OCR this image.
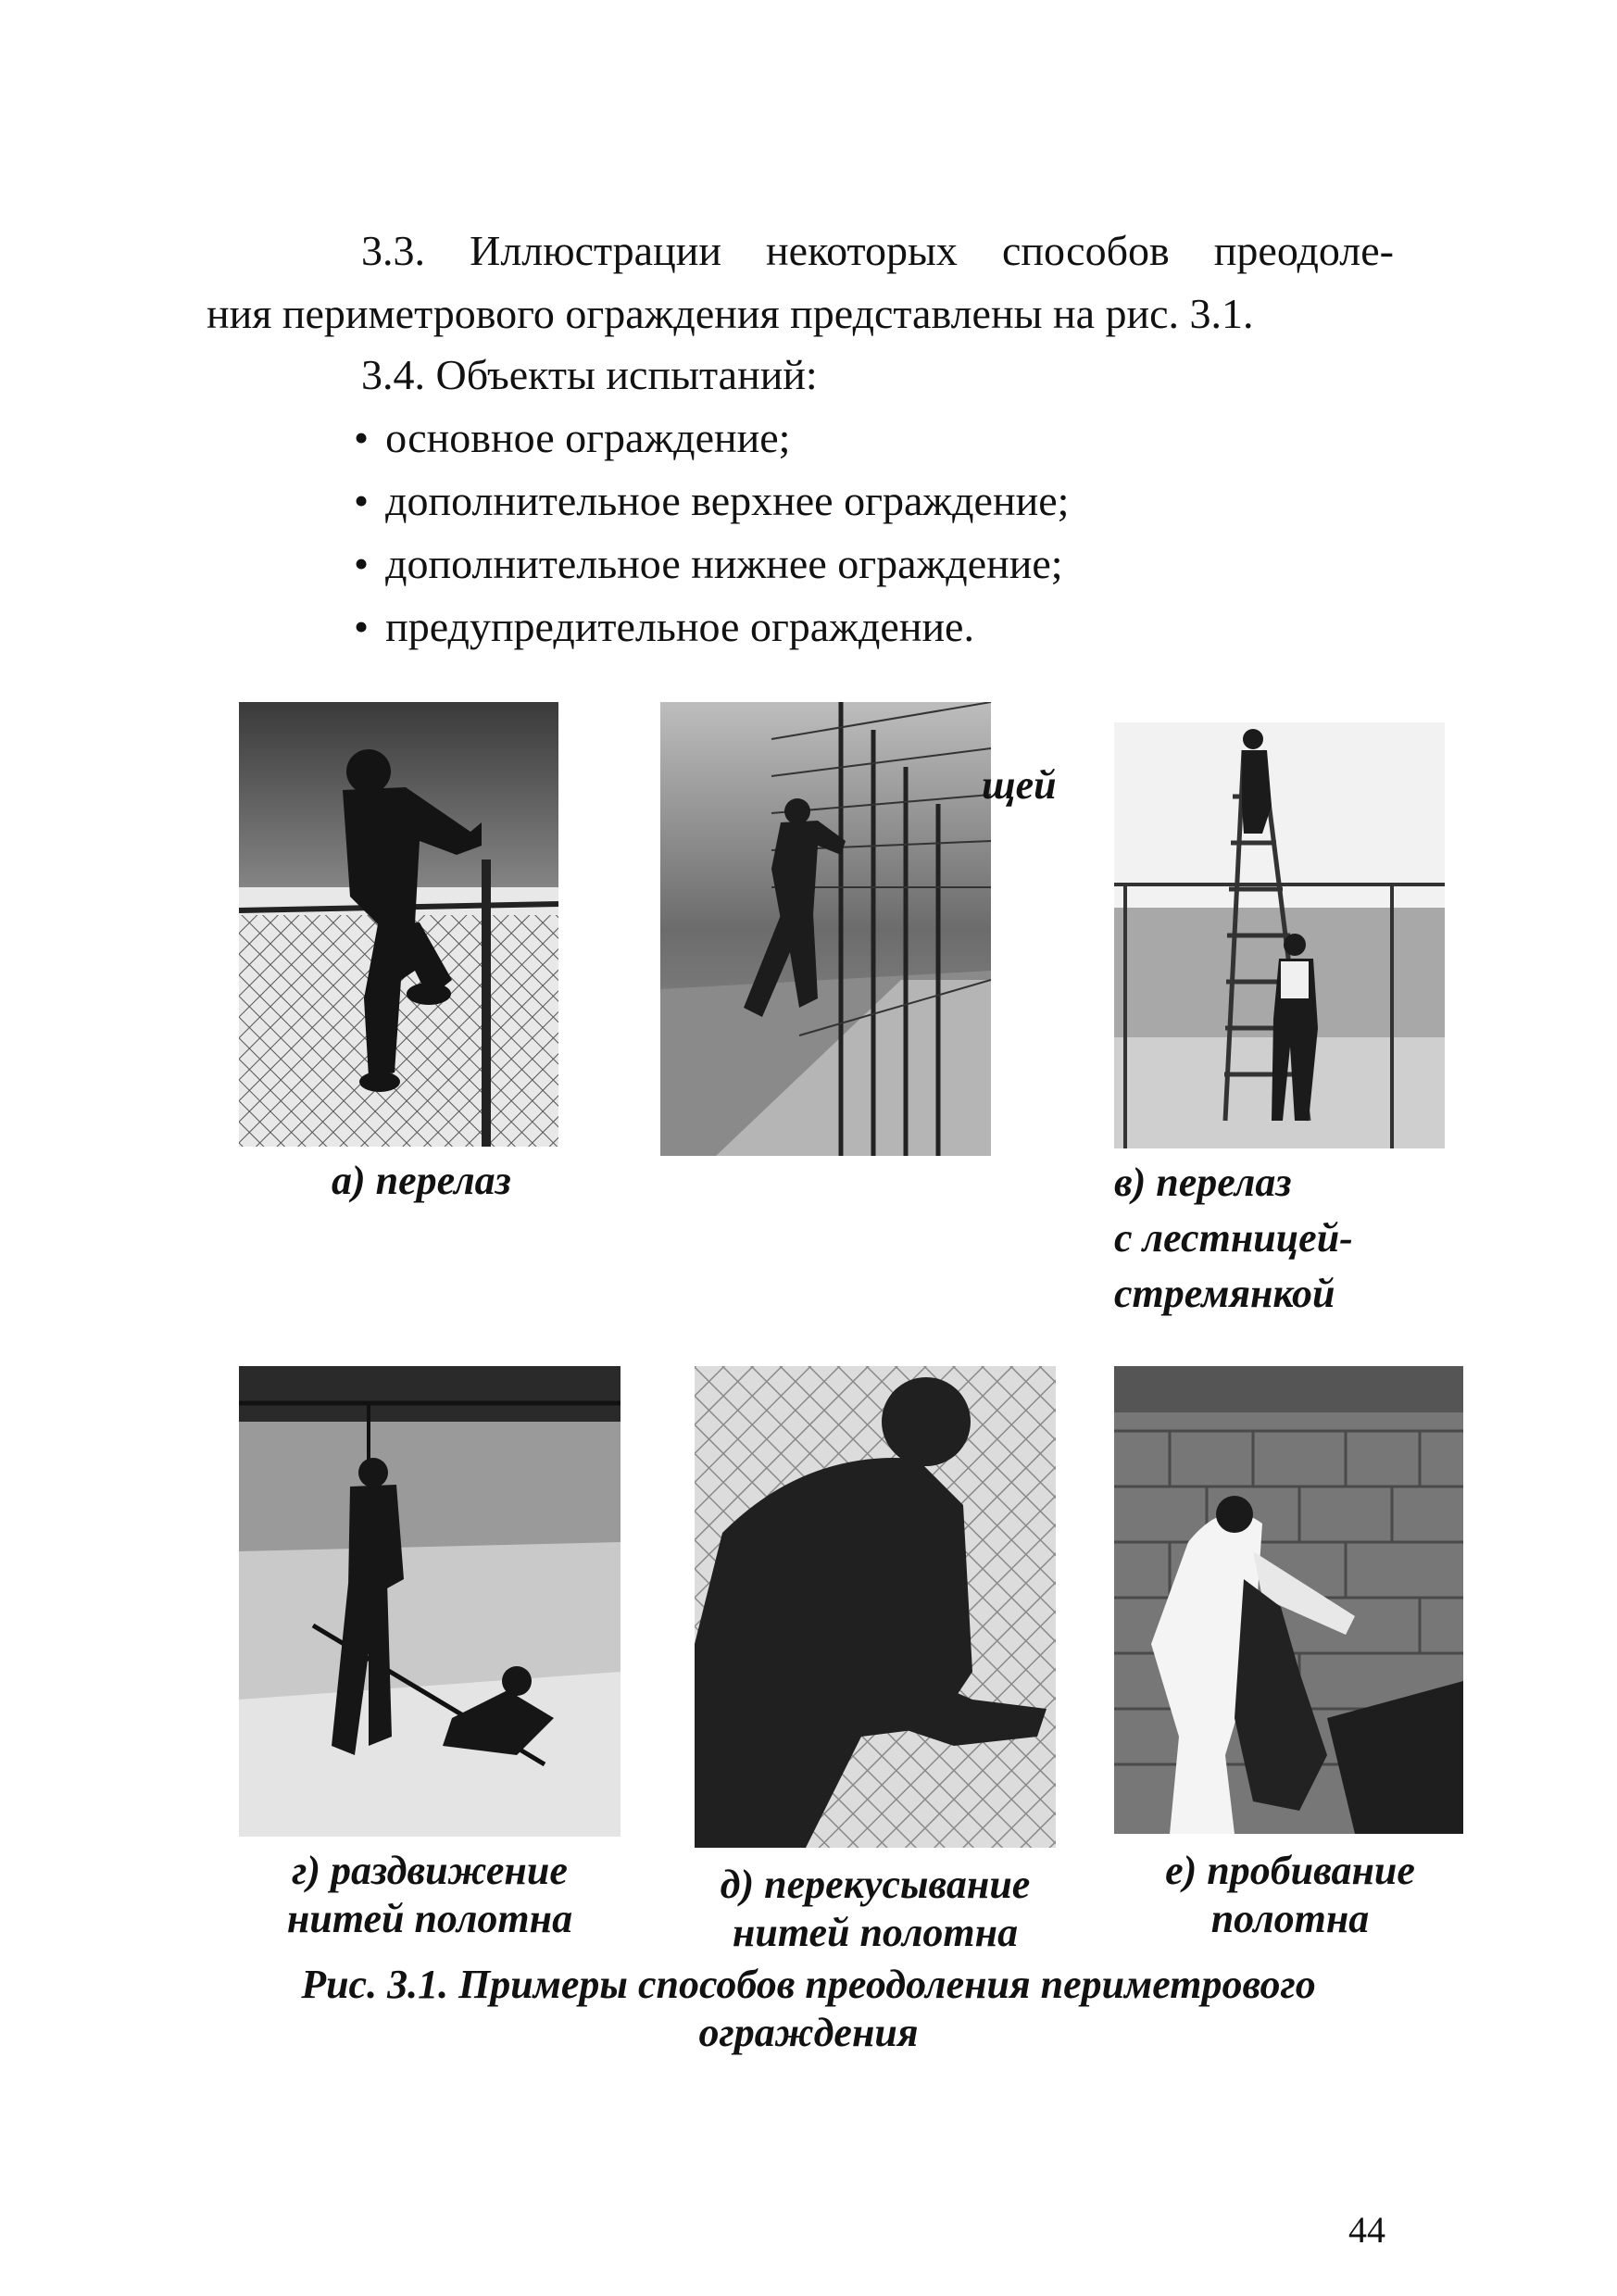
3.3. Иллюстрации некоторых способов преодоле-
ния периметрового ограждения представлены на рис. 3.1.
3.4. Объекты испытаний:
• основное ограждение;
• дополнительное верхнее ограждение;
• дополнительное нижнее ограждение;
• предупредительное ограждение.
щей
а) перелаз	в) перелаз
с лестницей-
стремянкой
г) раздвижение
нитей полотна
д) перекусывание
нитей полотна
е) пробивание
полотна
Рис. 3.1. Примеры способов преодоления периметрового
ограждения
44
